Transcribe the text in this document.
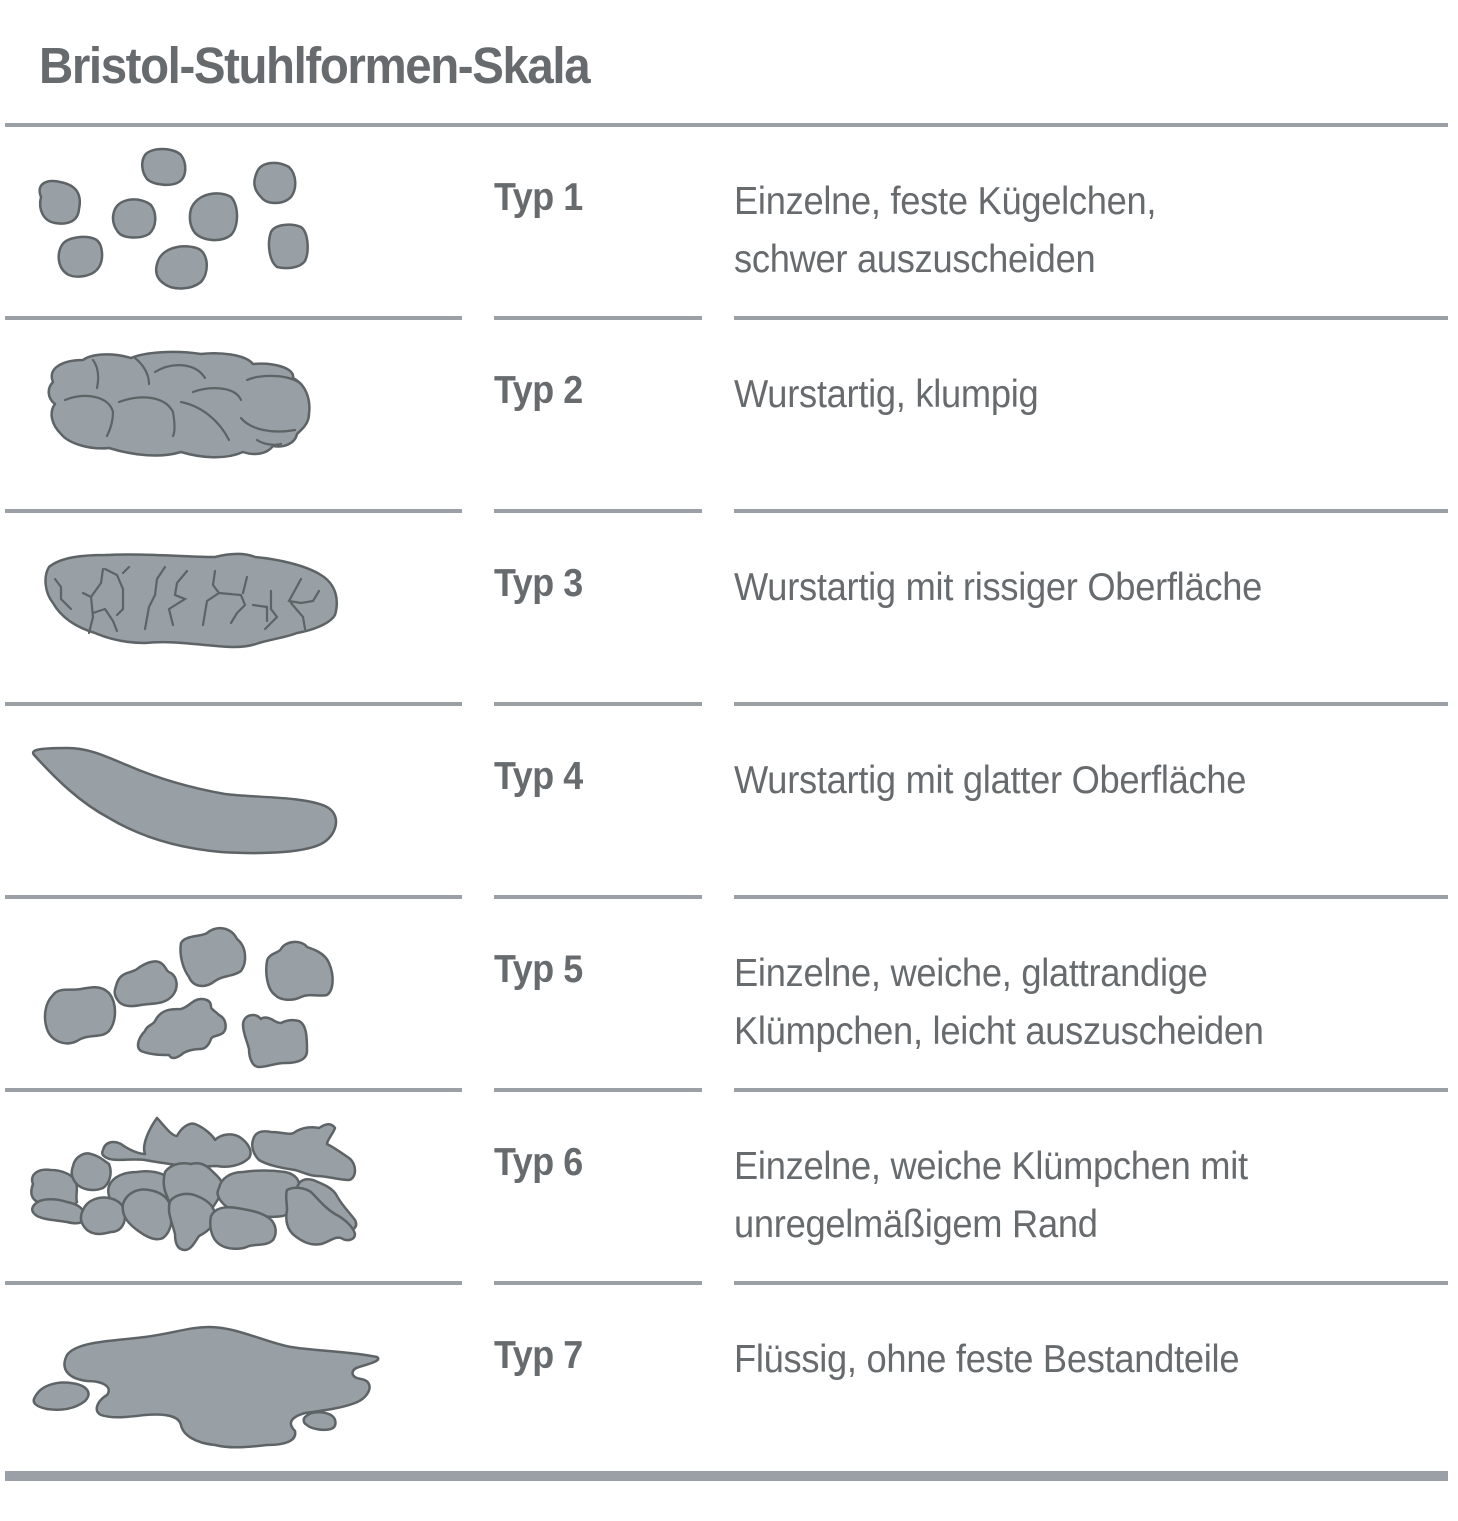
Bristol-Stuhlformen-Skala
Typ 1	Einzelne, feste Kügelchen,
schwer auszuscheiden
Typ 2	Wurstartig, klumpig
Typ 3	Wurstartig mit rissiger Oberfläche
Typ 4	Wurstartig mit glatter Oberfläche
Typ 5	Einzelne, weiche, glattrandige
Klümpchen, leicht auszuscheiden
Typ 6	Einzelne, weiche Klümpchen mit
unregelmäßigem Rand
Typ 7	Flüssig, ohne feste Bestandteile
